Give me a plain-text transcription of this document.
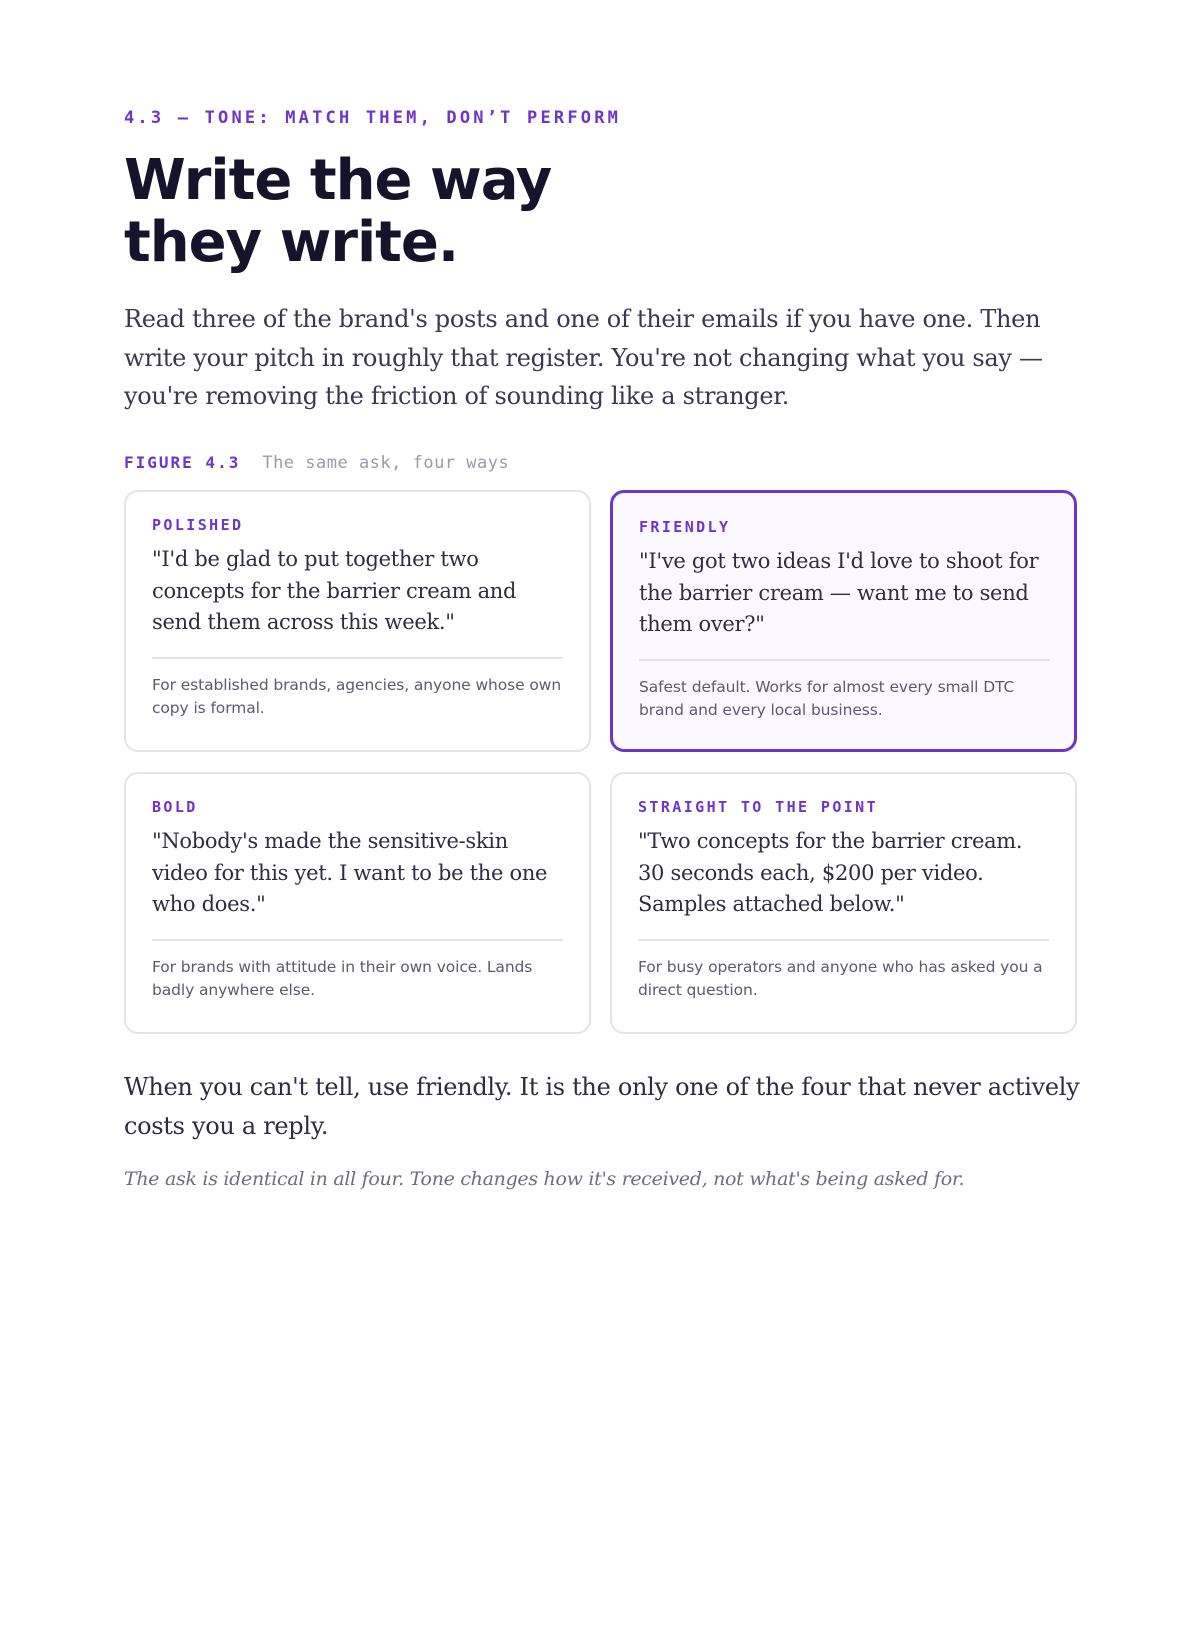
4.3 — TONE: MATCH THEM, DON’T PERFORM
Write the way
they write.

Read three of the brand's posts and one of their emails if you have one. Then write your pitch in roughly that register. You're not changing what you say — you're removing the friction of sounding like a stranger.

FIGURE 4.3 The same ask, four ways
POLISHED

"I'd be glad to put together two concepts for the barrier cream and send them across this week."

For established brands, agencies, anyone whose own copy is formal.

FRIENDLY

"I've got two ideas I'd love to shoot for the barrier cream — want me to send them over?"

Safest default. Works for almost every small DTC brand and every local business.

BOLD

"Nobody's made the sensitive-skin video for this yet. I want to be the one who does."

For brands with attitude in their own voice. Lands badly anywhere else.

STRAIGHT TO THE POINT

"Two concepts for the barrier cream. 30 seconds each, $200 per video. Samples attached below."

For busy operators and anyone who has asked you a direct question.

When you can't tell, use friendly. It is the only one of the four that never actively costs you a reply.

The ask is identical in all four. Tone changes how it's received, not what's being asked for.
